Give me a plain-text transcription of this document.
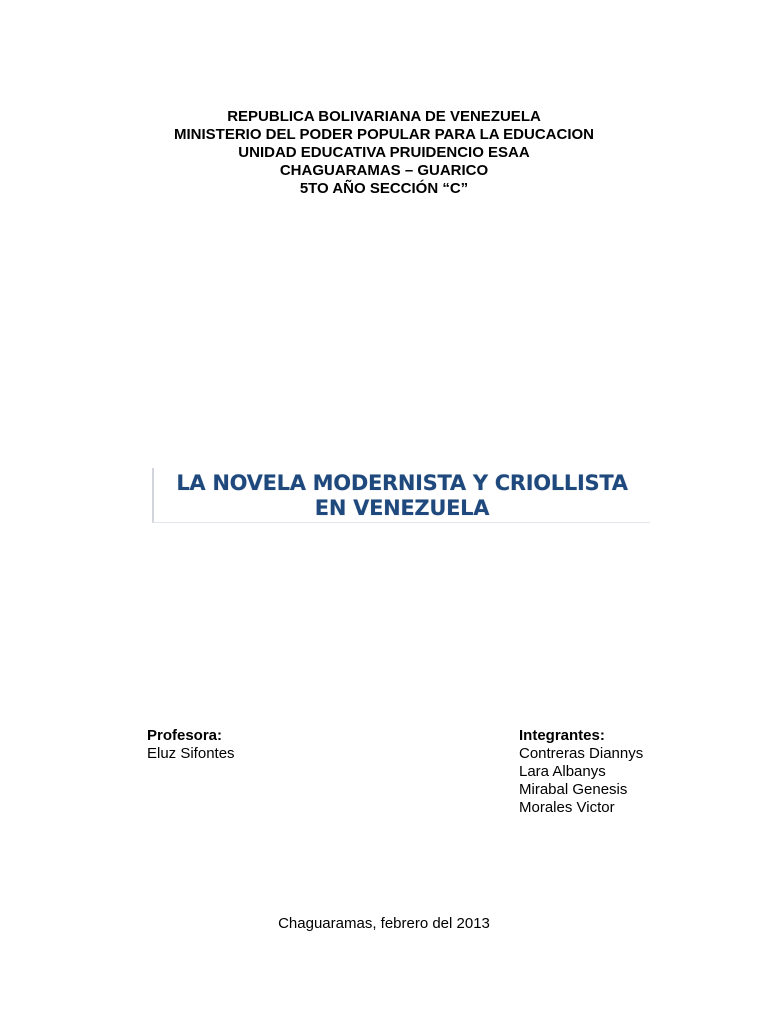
REPUBLICA BOLIVARIANA DE VENEZUELA

MINISTERIO DEL PODER POPULAR PARA LA EDUCACION

UNIDAD EDUCATIVA PRUIDENCIO ESAA

CHAGUARAMAS – GUARICO

5TO AÑO SECCIÓN “C”

LA NOVELA MODERNISTA Y CRIOLLISTA

EN VENEZUELA

Profesora:

Eluz Sifontes

Integrantes:

Contreras Diannys

Lara Albanys

Mirabal Genesis

Morales Victor

Chaguaramas, febrero del 2013
